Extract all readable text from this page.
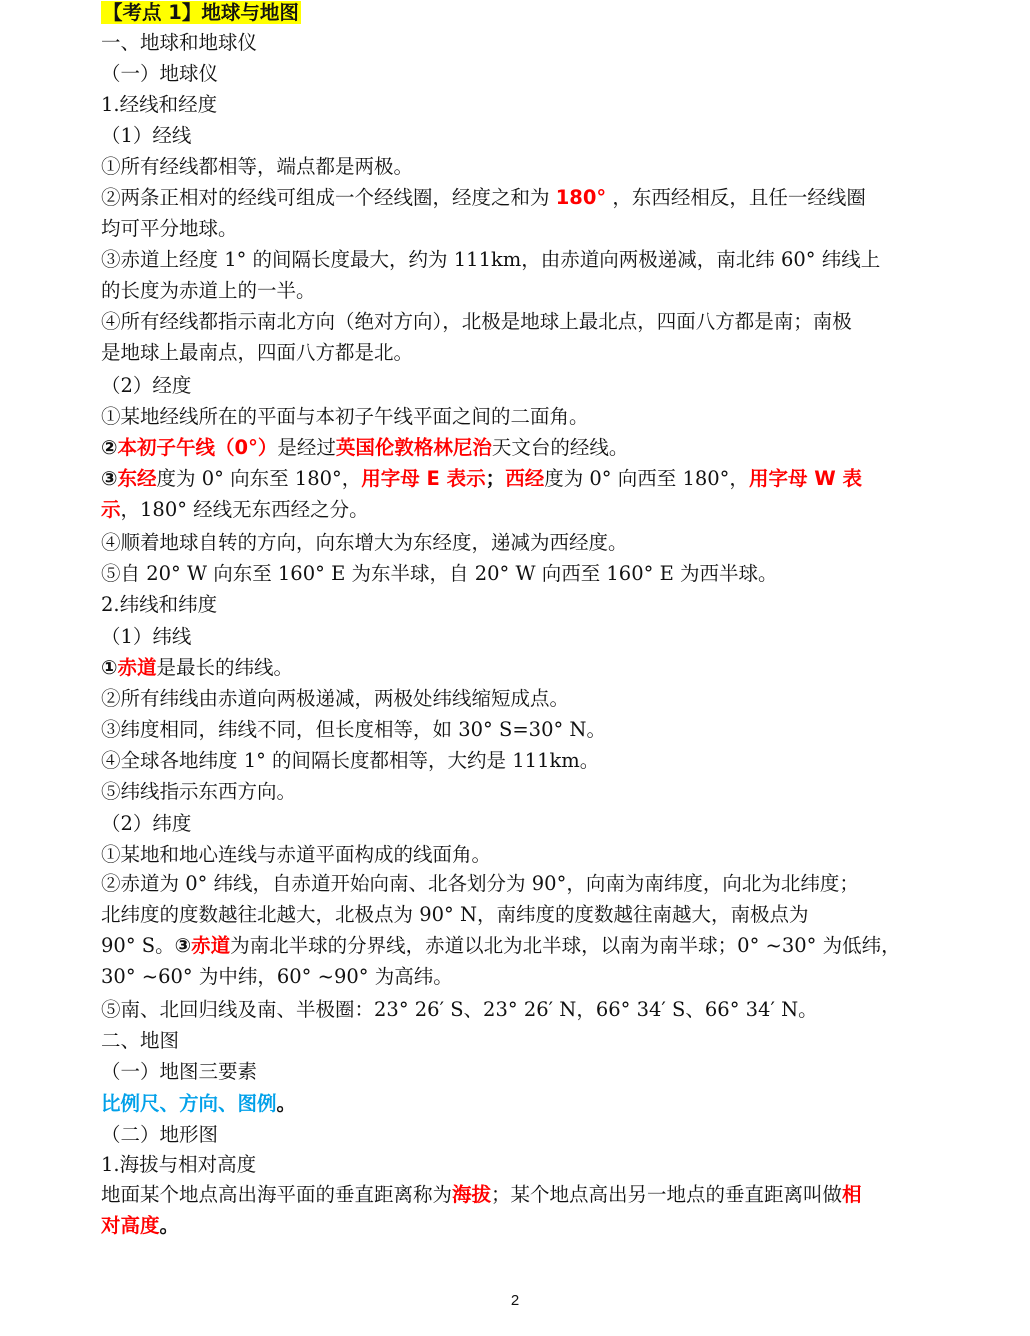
【考点 1】地球与地图
一、地球和地球仪
（一）地球仪
1.经线和经度
（1）经线
①所有经线都相等，端点都是两极。
②两条正相对的经线可组成一个经线圈，经度之和为 180° ，东西经相反，且任一经线圈
均可平分地球。
③赤道上经度 1° 的间隔长度最大，约为 111km，由赤道向两极递减，南北纬 60° 纬线上
的长度为赤道上的一半。
④所有经线都指示南北方向（绝对方向），北极是地球上最北点，四面八方都是南；南极
是地球上最南点，四面八方都是北。
（2）经度
①某地经线所在的平面与本初子午线平面之间的二面角。
②本初子午线（0°）是经过英国伦敦格林尼治天文台的经线。
③东经度为 0° 向东至 180°，用字母 E 表示；西经度为 0° 向西至 180°，用字母 W 表
示，180° 经线无东西经之分。
④顺着地球自转的方向，向东增大为东经度，递减为西经度。
⑤自 20° W 向东至 160° E 为东半球，自 20° W 向西至 160° E 为西半球。
2.纬线和纬度
（1）纬线
①赤道是最长的纬线。
②所有纬线由赤道向两极递减，两极处纬线缩短成点。
③纬度相同，纬线不同，但长度相等，如 30° S=30° N。
④全球各地纬度 1° 的间隔长度都相等，大约是 111km。
⑤纬线指示东西方向。
（2）纬度
①某地和地心连线与赤道平面构成的线面角。
②赤道为 0° 纬线，自赤道开始向南、北各划分为 90°，向南为南纬度，向北为北纬度；
北纬度的度数越往北越大，北极点为 90° N，南纬度的度数越往南越大，南极点为
90° S。③赤道为南北半球的分界线，赤道以北为北半球，以南为南半球；0° ~30° 为低纬，
30° ~60° 为中纬，60° ~90° 为高纬。
⑤南、北回归线及南、半极圈：23° 26′ S、23° 26′ N，66° 34′ S、66° 34′ N。
二、地图
（一）地图三要素
比例尺、方向、图例。
（二）地形图
1.海拔与相对高度
地面某个地点高出海平面的垂直距离称为海拔；某个地点高出另一地点的垂直距离叫做相
对高度。
2
